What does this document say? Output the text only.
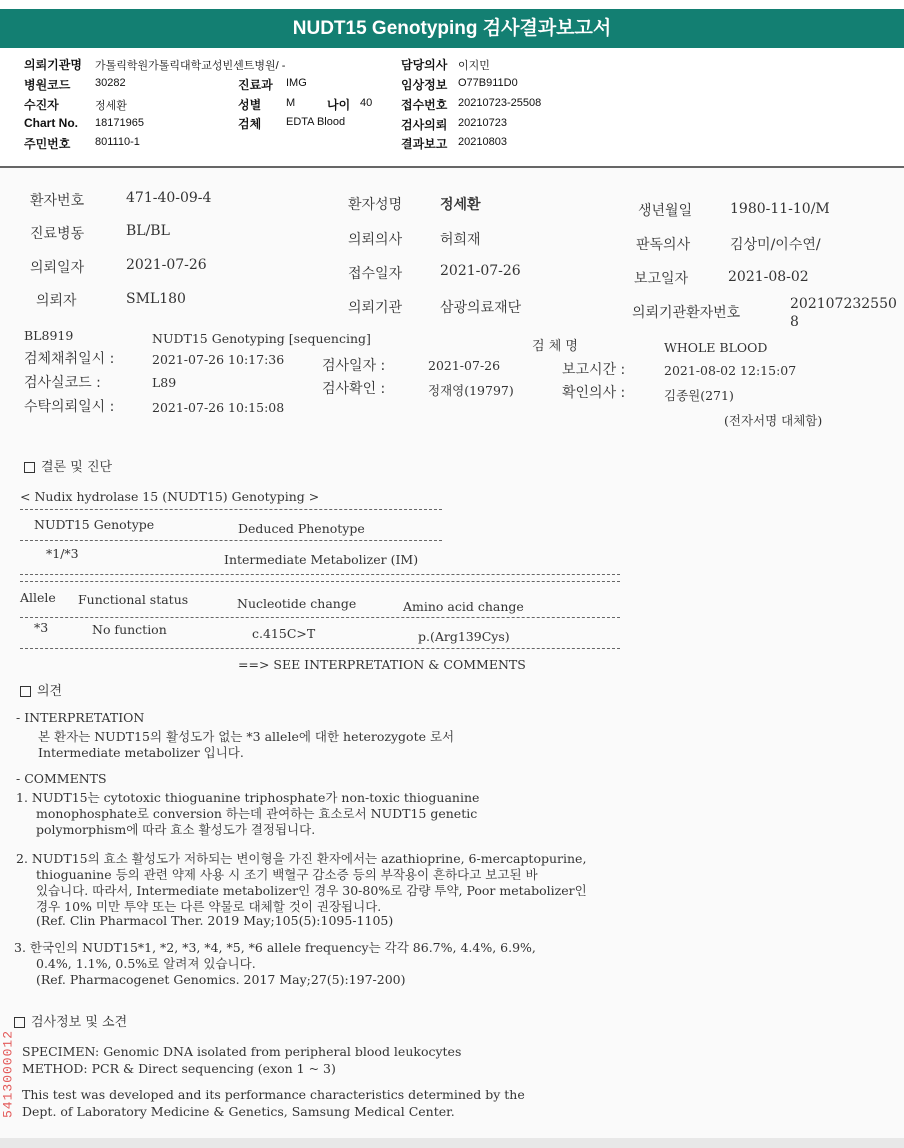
NUDT15 Genotyping 검사결과보고서
의뢰기관명 가톨릭학원가톨릭대학교성빈센트병원/ -
병원코드 30282
수진자	정세환
Chart No. 18171965
주민번호 801110-1
진료과 IMG
성별 M	나이 40
검체 EDTA Blood
담당의사 이지민
임상정보 O77B911D0
접수번호 20210723-25508
검사의뢰 20210723
결과보고 20210803
환자번호	471-40-09-4
진료병동	BL/BL
의뢰일자	2021-07-26
의뢰자	SML180
환자성명	정세환
의뢰의사	허희재
접수일자	2021-07-26
의뢰기관	삼광의료재단
생년월일	1980-11-10/M
판독의사	김상미/이수연/
보고일자	2021-08-02
의뢰기관환자번호
202107232550
8
BL8919	NUDT15 Genotyping [sequencing]
검 체 명	WHOLE BLOOD
검체채취일시 :	2021-07-26 10:17:36
검사실코드 :	L89
수탁의뢰일시 :	2021-07-26 10:15:08
검사일자 :	2021-07-26
검사확인 :	정재영(19797)
보고시간 :	2021-08-02 12:15:07
확인의사 :	김종원(271)
(전자서명 대체함)
결론 및 진단
< Nudix hydrolase 15 (NUDT15) Genotyping >
NUDT15 Genotype	Deduced Phenotype
*1/*3	Intermediate Metabolizer (IM)
Allele Functional status	Nucleotide change	Amino acid change
*3	No function	c.415C>T	p.(Arg139Cys)
==> SEE INTERPRETATION & COMMENTS
의견
- INTERPRETATION
본 환자는 NUDT15의 활성도가 없는 *3 allele에 대한 heterozygote 로서
Intermediate metabolizer 입니다.
- COMMENTS
1. NUDT15는 cytotoxic thioguanine triphosphate가 non-toxic thioguanine
monophosphate로 conversion 하는데 관여하는 효소로서 NUDT15 genetic
polymorphism에 따라 효소 활성도가 결정됩니다.
2. NUDT15의 효소 활성도가 저하되는 변이형을 가진 환자에서는 azathioprine, 6-mercaptopurine,
thioguanine 등의 관련 약제 사용 시 조기 백혈구 감소증 등의 부작용이 흔하다고 보고된 바
있습니다. 따라서, Intermediate metabolizer인 경우 30-80%로 감량 투약, Poor metabolizer인
경우 10% 미만 투약 또는 다른 약물로 대체할 것이 권장됩니다.
(Ref. Clin Pharmacol Ther. 2019 May;105(5):1095-1105)
3. 한국인의 NUDT15*1, *2, *3, *4, *5, *6 allele frequency는 각각 86.7%, 4.4%, 6.9%,
0.4%, 1.1%, 0.5%로 알려져 있습니다.
(Ref. Pharmacogenet Genomics. 2017 May;27(5):197-200)
검사정보 및 소견
SPECIMEN: Genomic DNA isolated from peripheral blood leukocytes
METHOD: PCR & Direct sequencing (exon 1 ~ 3)
This test was developed and its performance characteristics determined by the
Dept. of Laboratory Medicine & Genetics, Samsung Medical Center.
5413000012
